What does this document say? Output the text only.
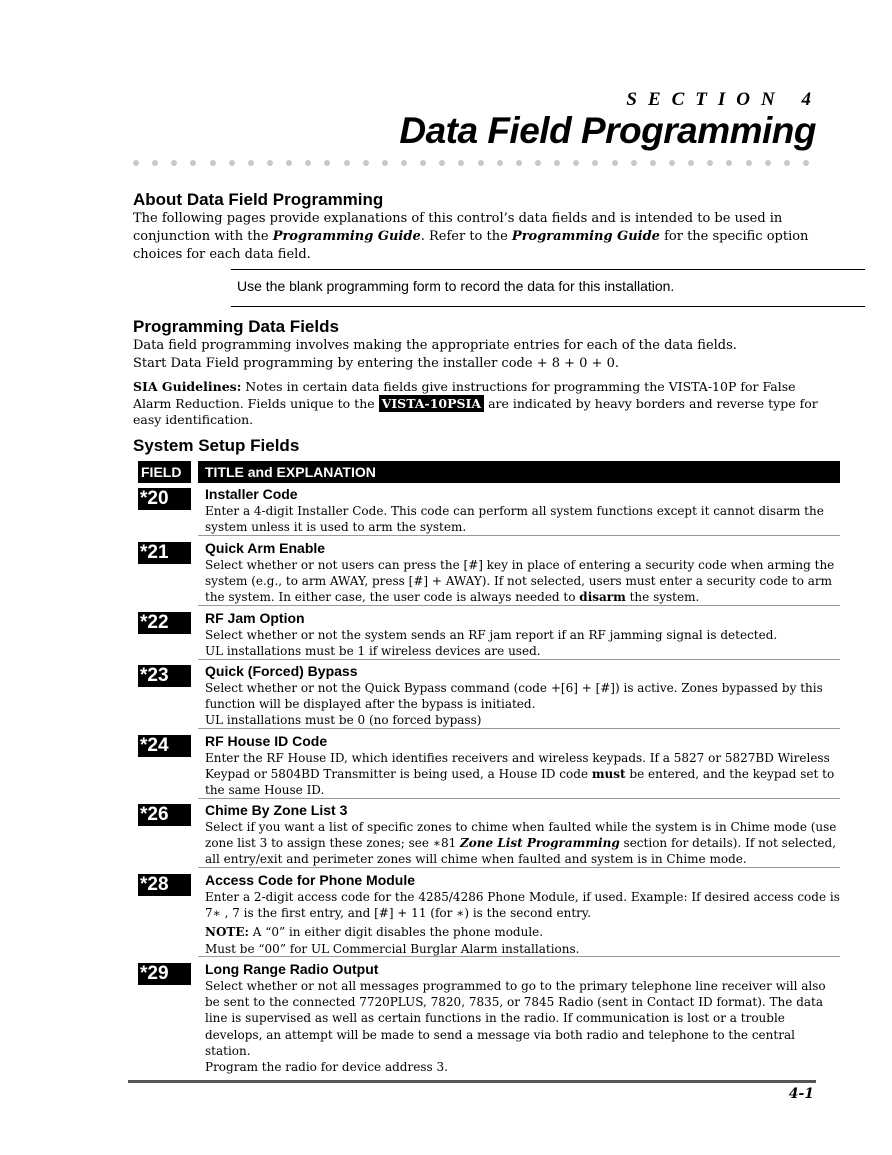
SECTION 4
Data Field Programming
About Data Field Programming

The following pages provide explanations of this control’s data fields and is intended to be used in conjunction with the Programming Guide. Refer to the Programming Guide for the specific option choices for each data field.

Use the blank programming form to record the data for this installation.
Programming Data Fields

Data field programming involves making the appropriate entries for each of the data fields.

Start Data Field programming by entering the installer code + 8 + 0 + 0.

SIA Guidelines: Notes in certain data fields give instructions for programming the VISTA-10P for False Alarm Reduction. Fields unique to the VISTA-10PSIA are indicated by heavy borders and reverse type for easy identification.

System Setup Fields
FIELD	TITLE and EXPLANATION
*20	Installer Code

Enter a 4-digit Installer Code. This code can perform all system functions except it cannot disarm the system unless it is used to arm the system.

*21	Quick Arm Enable

Select whether or not users can press the [#] key in place of entering a security code when arming the system (e.g., to arm AWAY, press [#] + AWAY). If not selected, users must enter a security code to arm the system. In either case, the user code is always needed to disarm the system.

*22	RF Jam Option

Select whether or not the system sends an RF jam report if an RF jamming signal is detected.
UL installations must be 1 if wireless devices are used.

*23	Quick (Forced) Bypass

Select whether or not the Quick Bypass command (code +[6] + [#]) is active. Zones bypassed by this function will be displayed after the bypass is initiated.
UL installations must be 0 (no forced bypass)

*24	RF House ID Code

Enter the RF House ID, which identifies receivers and wireless keypads. If a 5827 or 5827BD Wireless Keypad or 5804BD Transmitter is being used, a House ID code must be entered, and the keypad set to the same House ID.

*26	Chime By Zone List 3

Select if you want a list of specific zones to chime when faulted while the system is in Chime mode (use zone list 3 to assign these zones; see ∗81 Zone List Programming section for details). If not selected, all entry/exit and perimeter zones will chime when faulted and system is in Chime mode.

*28	Access Code for Phone Module

Enter a 2-digit access code for the 4285/4286 Phone Module, if used. Example: If desired access code is 7∗ , 7 is the first entry, and [#] + 11 (for ∗) is the second entry.

NOTE: A “0” in either digit disables the phone module.

Must be “00” for UL Commercial Burglar Alarm installations.

*29	Long Range Radio Output

Select whether or not all messages programmed to go to the primary telephone line receiver will also be sent to the connected 7720PLUS, 7820, 7835, or 7845 Radio (sent in Contact ID format). The data line is supervised as well as certain functions in the radio. If communication is lost or a trouble develops, an attempt will be made to send a message via both radio and telephone to the central station.
Program the radio for device address 3.

4-1
